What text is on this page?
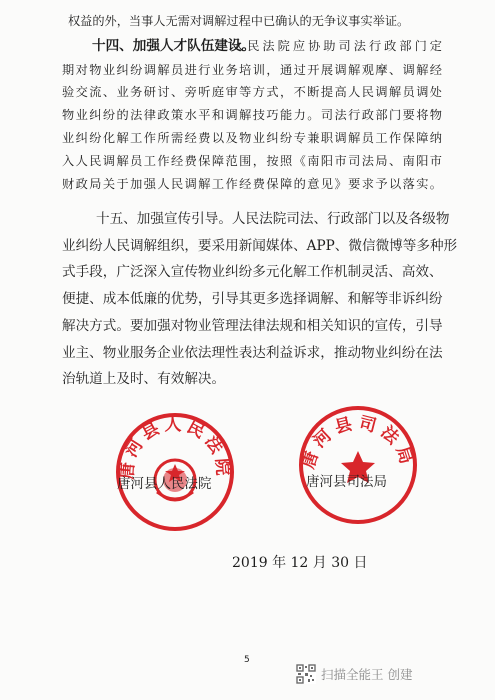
权益的外，当事人无需对调解过程中已确认的无争议事实举证。
十四、加强人才队伍建设。
人民法院应协助司法行政部门定
期对物业纠纷调解员进行业务培训，通过开展调解观摩、调解经
验交流、业务研讨、旁听庭审等方式，不断提高人民调解员调处
物业纠纷的法律政策水平和调解技巧能力。司法行政部门要将物
业纠纷化解工作所需经费以及物业纠纷专兼职调解员工作保障纳
入人民调解员工作经费保障范围，按照《南阳市司法局、南阳市
财政局关于加强人民调解工作经费保障的意见》要求予以落实。
十五、加强宣传引导。人民法院司法、行政部门以及各级物
业纠纷人民调解组织，要采用新闻媒体、APP、微信微博等多种形
式手段，广泛深入宣传物业纠纷多元化解工作机制灵活、高效、
便捷、成本低廉的优势，引导其更多选择调解、和解等非诉纠纷
解决方式。要加强对物业管理法律法规和相关知识的宣传，引导
业主、物业服务企业依法理性表达利益诉求，推动物业纠纷在法
治轨道上及时、有效解决。
唐河县人民法院
唐河县人民法院
唐河县司法局
唐河县司法局
2019 年 12 月 30 日
5
扫描全能王 创建
